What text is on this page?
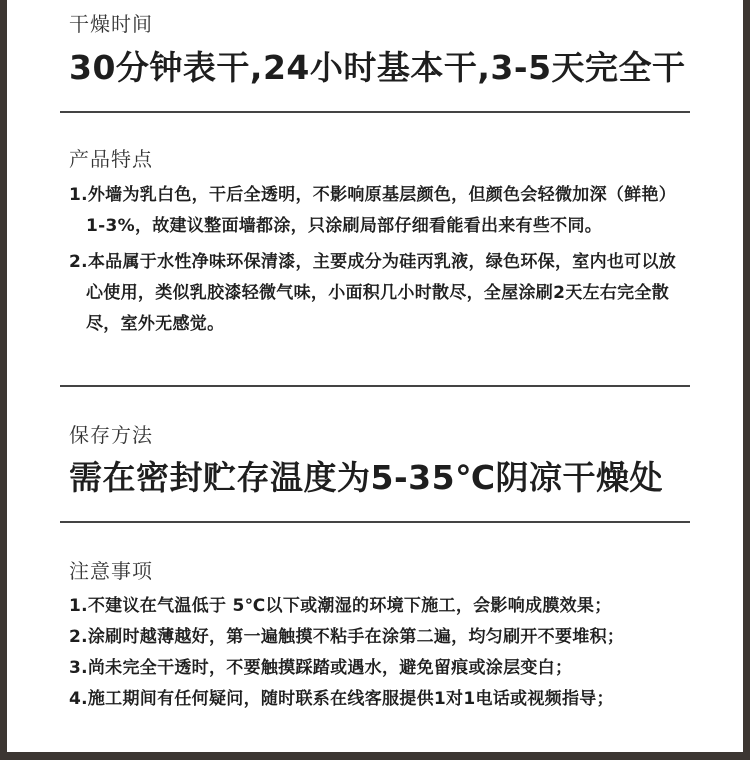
干燥时间
30分钟表干,24小时基本干,3-5天完全干
产品特点
1.外墙为乳白色，干后全透明，不影响原基层颜色，但颜色会轻微加深（鲜艳）1-3%，故建议整面墙都涂，只涂刷局部仔细看能看出来有些不同。
2.本品属于水性净味环保清漆，主要成分为硅丙乳液，绿色环保，室内也可以放心使用，类似乳胶漆轻微气味，小面积几小时散尽，全屋涂刷2天左右完全散尽，室外无感觉。
保存方法
需在密封贮存温度为5-35℃阴凉干燥处
注意事项
1.不建议在气温低于 5℃以下或潮湿的环境下施工，会影响成膜效果；
2.涂刷时越薄越好，第一遍触摸不粘手在涂第二遍，均匀刷开不要堆积；
3.尚未完全干透时，不要触摸踩踏或遇水，避免留痕或涂层变白；
4.施工期间有任何疑问，随时联系在线客服提供1对1电话或视频指导；
